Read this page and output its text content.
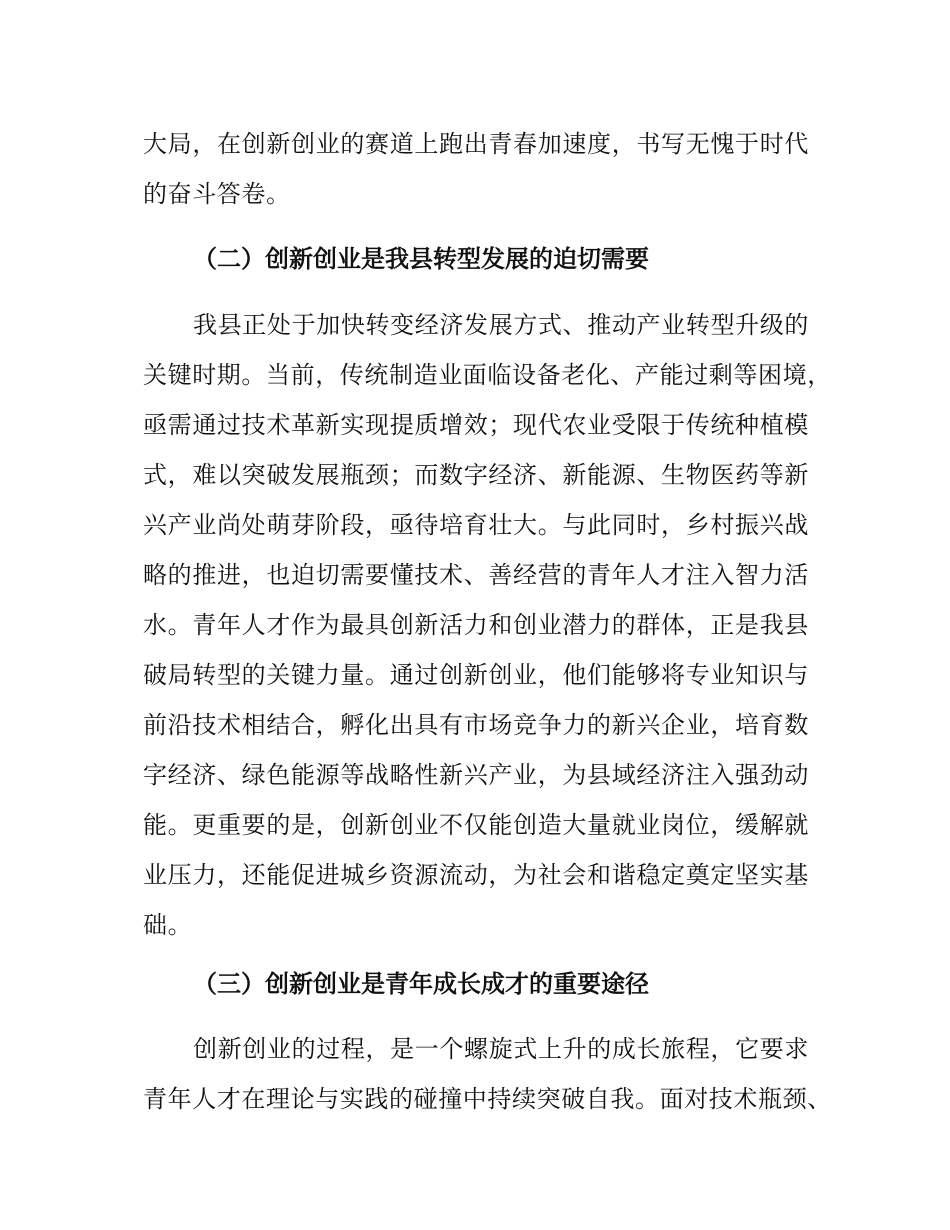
大局，在创新创业的赛道上跑出青春加速度，书写无愧于时代
的奋斗答卷。
（二）创新创业是我县转型发展的迫切需要
我县正处于加快转变经济发展方式、推动产业转型升级的
关键时期。当前，传统制造业面临设备老化、产能过剩等困境，
亟需通过技术革新实现提质增效；现代农业受限于传统种植模
式，难以突破发展瓶颈；而数字经济、新能源、生物医药等新
兴产业尚处萌芽阶段，亟待培育壮大。与此同时，乡村振兴战
略的推进，也迫切需要懂技术、善经营的青年人才注入智力活
水。青年人才作为最具创新活力和创业潜力的群体，正是我县
破局转型的关键力量。通过创新创业，他们能够将专业知识与
前沿技术相结合，孵化出具有市场竞争力的新兴企业，培育数
字经济、绿色能源等战略性新兴产业，为县域经济注入强劲动
能。更重要的是，创新创业不仅能创造大量就业岗位，缓解就
业压力，还能促进城乡资源流动，为社会和谐稳定奠定坚实基
础。
（三）创新创业是青年成长成才的重要途径
创新创业的过程，是一个螺旋式上升的成长旅程，它要求
青年人才在理论与实践的碰撞中持续突破自我。面对技术瓶颈、
